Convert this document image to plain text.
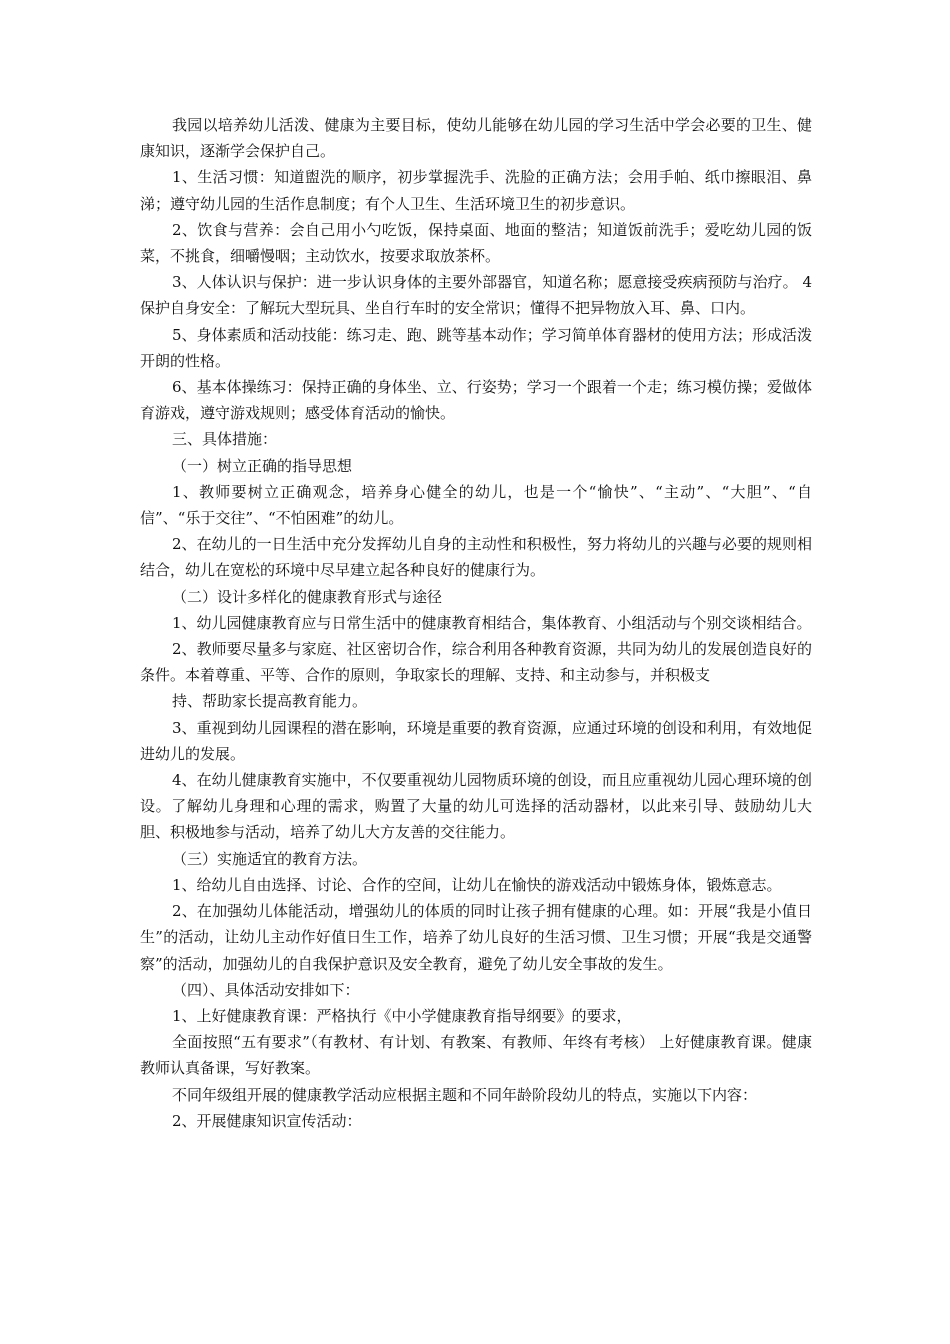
我园以培养幼儿活泼、健康为主要目标，使幼儿能够在幼儿园的学习生活中学会必要的卫生、健康知识，逐渐学会保护自己。

1、生活习惯：知道盥洗的顺序，初步掌握洗手、洗脸的正确方法；会用手帕、纸巾擦眼泪、鼻涕；遵守幼儿园的生活作息制度；有个人卫生、生活环境卫生的初步意识。

2、饮食与营养：会自己用小勺吃饭，保持桌面、地面的整洁；知道饭前洗手；爱吃幼儿园的饭菜，不挑食，细嚼慢咽；主动饮水，按要求取放茶杯。

3、人体认识与保护：进一步认识身体的主要外部器官，知道名称；愿意接受疾病预防与治疗。 4 保护自身安全：了解玩大型玩具、坐自行车时的安全常识；懂得不把异物放入耳、鼻、口内。

5、身体素质和活动技能：练习走、跑、跳等基本动作；学习简单体育器材的使用方法；形成活泼开朗的性格。

6、基本体操练习：保持正确的身体坐、立、行姿势；学习一个跟着一个走；练习模仿操；爱做体育游戏，遵守游戏规则；感受体育活动的愉快。

三、具体措施：

（一）树立正确的指导思想

1、教师要树立正确观念，培养身心健全的幼儿，也是一个“愉快”、“主动”、“大胆”、“自信”、“乐于交往”、“不怕困难”的幼儿。

2、在幼儿的一日生活中充分发挥幼儿自身的主动性和积极性，努力将幼儿的兴趣与必要的规则相结合，幼儿在宽松的环境中尽早建立起各种良好的健康行为。

（二）设计多样化的健康教育形式与途径

1、幼儿园健康教育应与日常生活中的健康教育相结合，集体教育、小组活动与个别交谈相结合。

2、教师要尽量多与家庭、社区密切合作，综合利用各种教育资源，共同为幼儿的发展创造良好的条件。本着尊重、平等、合作的原则，争取家长的理解、支持、和主动参与，并积极支

持、帮助家长提高教育能力。

3、重视到幼儿园课程的潜在影响，环境是重要的教育资源，应通过环境的创设和利用，有效地促进幼儿的发展。

4、在幼儿健康教育实施中，不仅要重视幼儿园物质环境的创设，而且应重视幼儿园心理环境的创设。了解幼儿身理和心理的需求，购置了大量的幼儿可选择的活动器材，以此来引导、鼓励幼儿大胆、积极地参与活动，培养了幼儿大方友善的交往能力。

（三）实施适宜的教育方法。

1、给幼儿自由选择、讨论、合作的空间，让幼儿在愉快的游戏活动中锻炼身体，锻炼意志。

2、在加强幼儿体能活动，增强幼儿的体质的同时让孩子拥有健康的心理。如：开展“我是小值日生”的活动，让幼儿主动作好值日生工作，培养了幼儿良好的生活习惯、卫生习惯；开展“我是交通警察”的活动，加强幼儿的自我保护意识及安全教育，避免了幼儿安全事故的发生。

（四）、具体活动安排如下：

1、上好健康教育课：严格执行《中小学健康教育指导纲要》的要求，

全面按照“五有要求”（有教材、有计划、有教案、有教师、年终有考核） 上好健康教育课。健康教师认真备课，写好教案。

不同年级组开展的健康教学活动应根据主题和不同年龄阶段幼儿的特点，实施以下内容：

2、开展健康知识宣传活动：
